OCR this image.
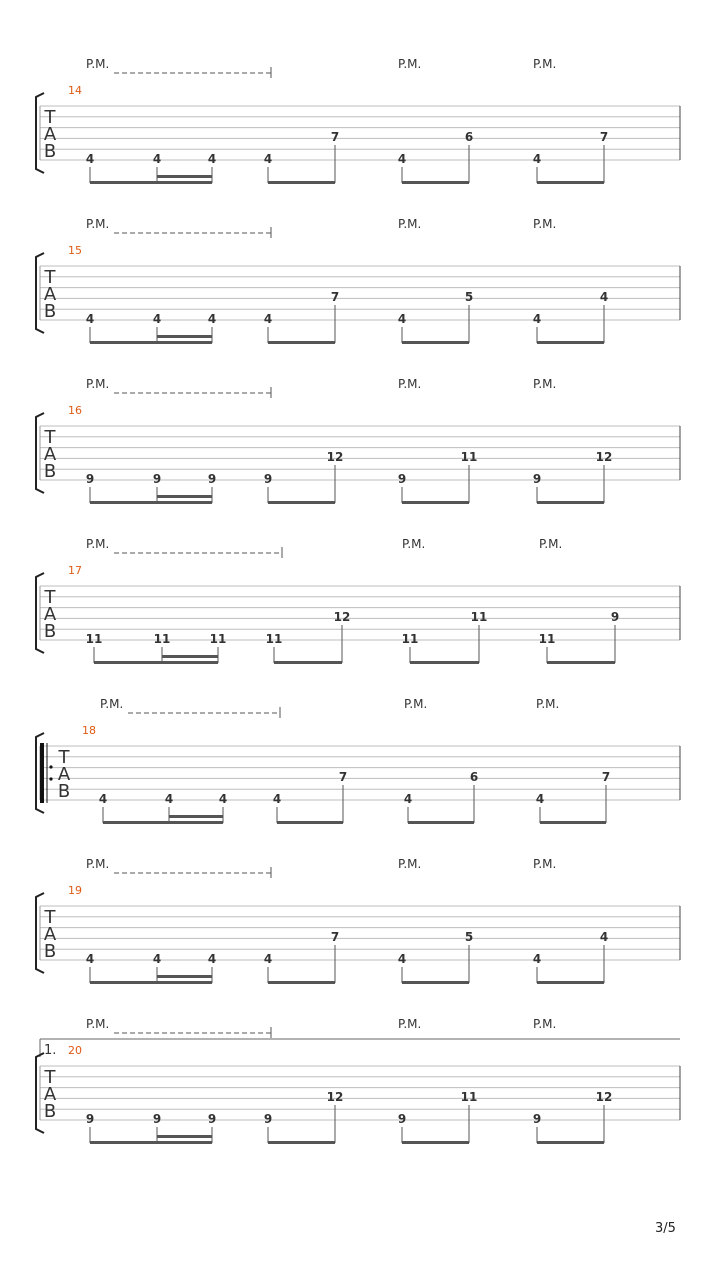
P.M.	P.M.	P.M.
14
T
A
B 4	4	4	4
7
4
6
4
7
P.M.	P.M.	P.M.
15
T
A
B 4	4	4	4
7
4
5
4
4
P.M.	P.M.	P.M.
16
T
A
B 9	9	9	9
12
9
11
9
12
P.M.	P.M.	P.M.
17
T
A
B 11	11	11	11
12
11
11
11
9
P.M.	P.M.	P.M.
18
T
A
B 4	4	4	4
7
4
6
4
7
P.M.	P.M.	P.M.
19
T
A
B 4	4	4	4
7
4
5
4
4
P.M.	P.M.	P.M.
1. 20
T
A
B 9	9	9	9
12
9
11
9
12
3/5
